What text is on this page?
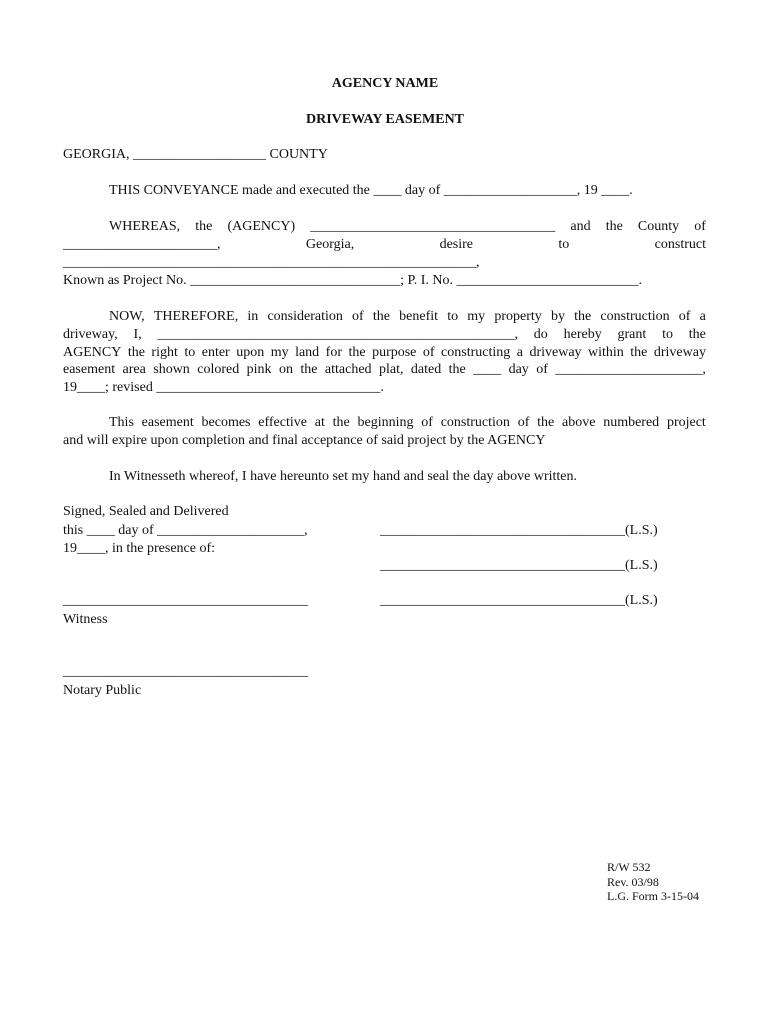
AGENCY NAME
DRIVEWAY EASEMENT
GEORGIA, ___________________ COUNTY
THIS CONVEYANCE made and executed the ____ day of ___________________, 19 ____.
WHEREAS, the (AGENCY) ___________________________________ and the County of
______________________,	Georgia,	desire	to	construct
___________________________________________________________,
Known as Project No. ______________________________; P. I. No. __________________________.
NOW, THEREFORE, in consideration of the benefit to my property by the construction of a
driveway, I, ___________________________________________________, do hereby grant to the
AGENCY the right to enter upon my land for the purpose of constructing a driveway within the driveway
easement area shown colored pink on the attached plat, dated the ____ day of _____________________,
19____; revised ________________________________.
This easement becomes effective at the beginning of construction of the above numbered project
and will expire upon completion and final acceptance of said project by the AGENCY
In Witnesseth whereof, I have hereunto set my hand and seal the day above written.
Signed, Sealed and Delivered
this ____ day of _____________________,
19____, in the presence of:
___________________________________(L.S.)
___________________________________(L.S.)
___________________________________(L.S.)
___________________________________
Witness
___________________________________
Notary Public
R/W 532
Rev. 03/98
L.G. Form 3-15-04
